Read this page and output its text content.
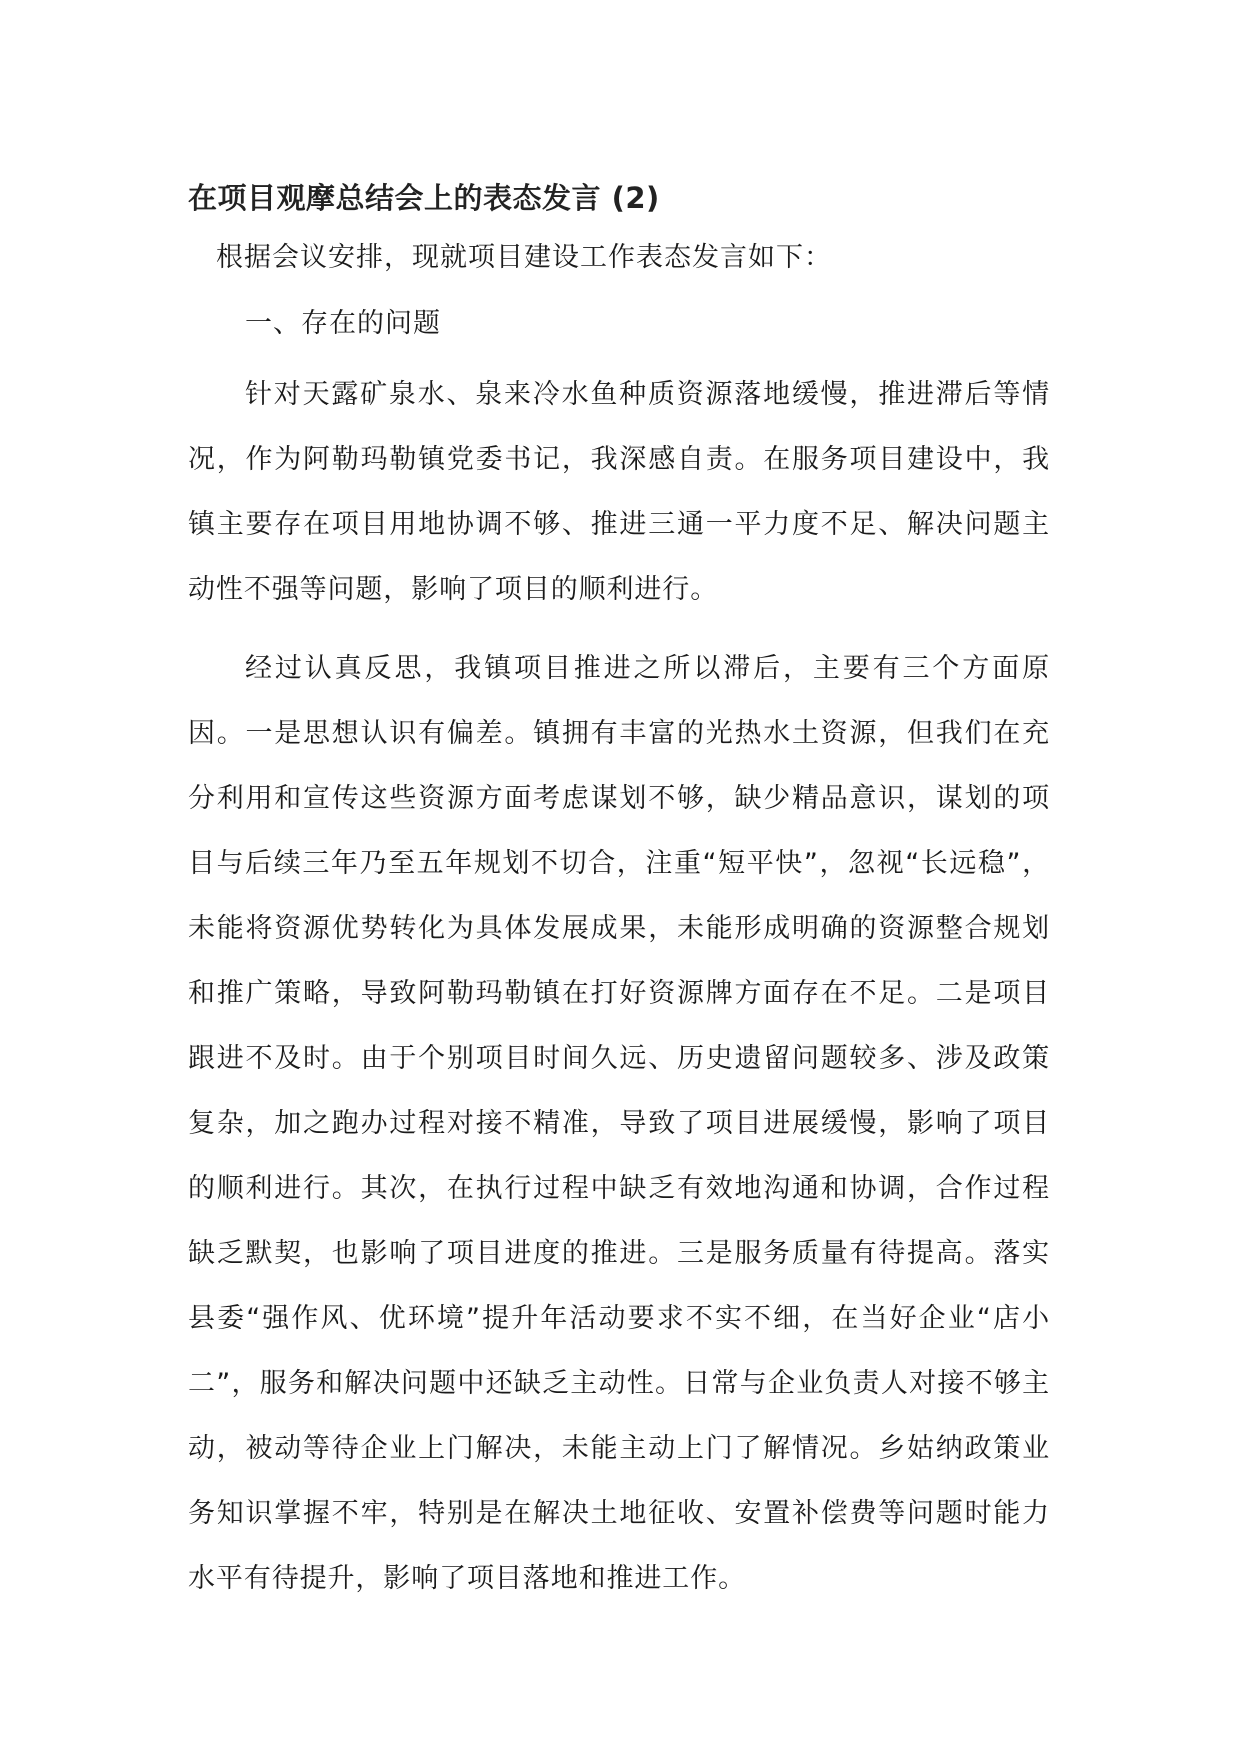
在项目观摩总结会上的表态发言 (2)

根据会议安排，现就项目建设工作表态发言如下：

一、存在的问题

针对天露矿泉水、泉来冷水鱼种质资源落地缓慢，推进滞后等情况，作为阿勒玛勒镇党委书记，我深感自责。在服务项目建设中，我镇主要存在项目用地协调不够、推进三通一平力度不足、解决问题主动性不强等问题，影响了项目的顺利进行。

经过认真反思，我镇项目推进之所以滞后，主要有三个方面原因。一是思想认识有偏差。镇拥有丰富的光热水土资源，但我们在充分利用和宣传这些资源方面考虑谋划不够，缺少精品意识，谋划的项目与后续三年乃至五年规划不切合，注重“短平快”，忽视“长远稳”，未能将资源优势转化为具体发展成果，未能形成明确的资源整合规划和推广策略，导致阿勒玛勒镇在打好资源牌方面存在不足。二是项目跟进不及时。由于个别项目时间久远、历史遗留问题较多、涉及政策复杂，加之跑办过程对接不精准，导致了项目进展缓慢，影响了项目的顺利进行。其次，在执行过程中缺乏有效地沟通和协调，合作过程缺乏默契，也影响了项目进度的推进。三是服务质量有待提高。落实县委“强作风、优环境”提升年活动要求不实不细，在当好企业“店小二”，服务和解决问题中还缺乏主动性。日常与企业负责人对接不够主动，被动等待企业上门解决，未能主动上门了解情况。乡姑纳政策业务知识掌握不牢，特别是在解决土地征收、安置补偿费等问题时能力水平有待提升，影响了项目落地和推进工作。
